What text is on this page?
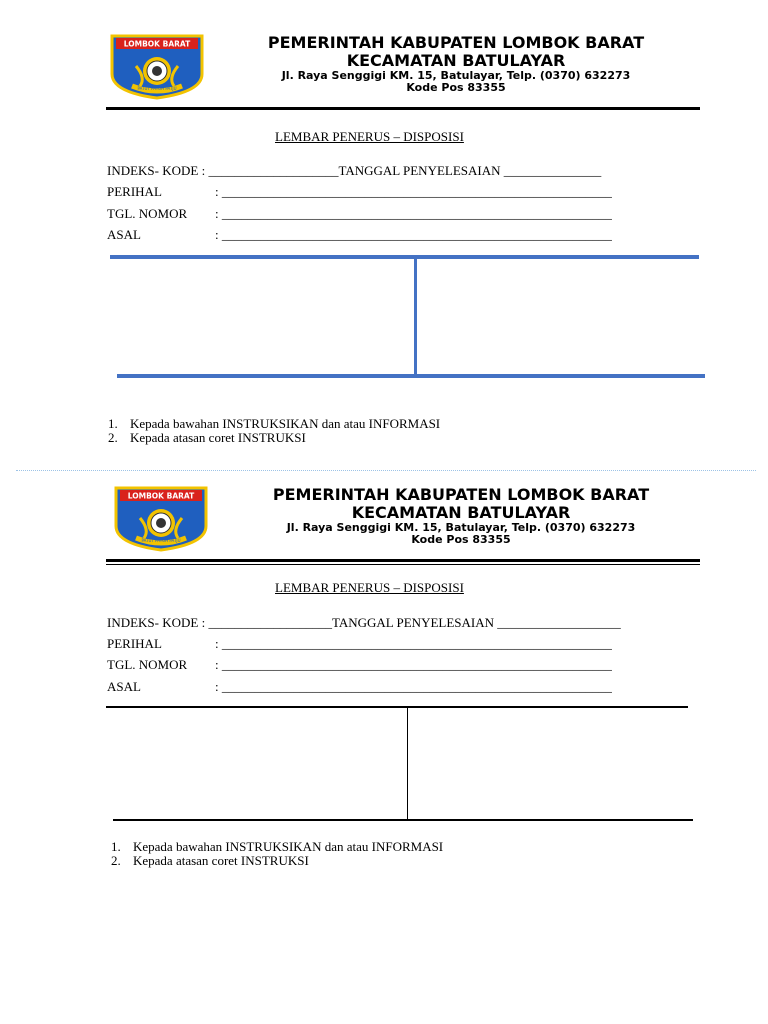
LOMBOK BARAT
PATUT PATUH PATJU
PEMERINTAH KABUPATEN LOMBOK BARAT
KECAMATAN BATULAYAR
Jl. Raya Senggigi KM. 15, Batulayar, Telp. (0370) 632273
Kode Pos 83355
LEMBAR PENERUS – DISPOSISI
INDEKS- KODE : ____________________TANGGAL PENYELESAIAN _______________
PERIHAL	: ____________________________________________________________
TGL. NOMOR : ____________________________________________________________
ASAL	: ____________________________________________________________
1. Kepada bawahan INSTRUKSIKAN dan atau INFORMASI
2. Kepada atasan coret INSTRUKSI
LOMBOK BARAT
PATUT PATUH PATJU
PEMERINTAH KABUPATEN LOMBOK BARAT
KECAMATAN BATULAYAR
Jl. Raya Senggigi KM. 15, Batulayar, Telp. (0370) 632273
Kode Pos 83355
LEMBAR PENERUS – DISPOSISI
INDEKS- KODE : ___________________TANGGAL PENYELESAIAN ___________________
PERIHAL	: ____________________________________________________________
TGL. NOMOR : ____________________________________________________________
ASAL	: ____________________________________________________________
1. Kepada bawahan INSTRUKSIKAN dan atau INFORMASI
2. Kepada atasan coret INSTRUKSI
